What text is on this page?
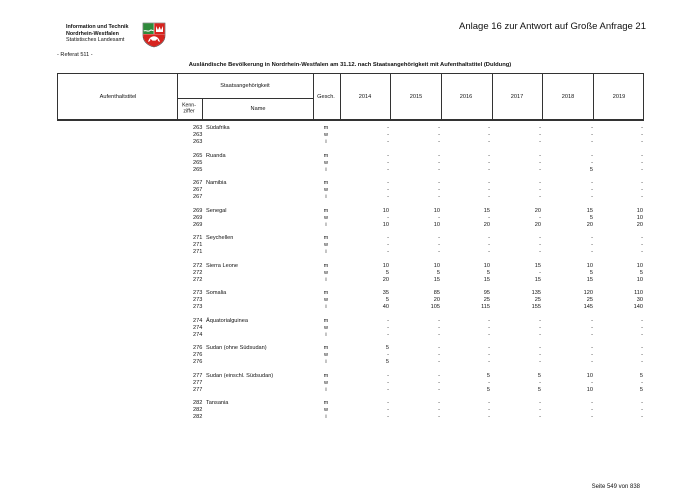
Information und Technik
Nordrhein-Westfalen
Statistisches Landesamt
Anlage 16 zur Antwort auf Große Anfrage 21
- Referat 511 -
Ausländische Bevölkerung in Nordrhein-Westfalen am 31.12. nach Staatsangehörigkeit mit Aufenthaltstitel (Duldung)
Aufenthaltstitel
Staatsangehörigkeit
Kenn-
ziffer	Name
Gesch.	2014	2015	2016	2017	2018	2019
263 Südafrika	m	-	-	-	-	-	-
263	w	-	-	-	-	-	-
263	i	-	-	-	-	-	-
265 Ruanda	m	-	-	-	-	-	-
265	w	-	-	-	-	-	-
265	i	-	-	-	-	5	-
267 Namibia	m	-	-	-	-	-	-
267	w	-	-	-	-	-	-
267	i	-	-	-	-	-	-
269 Senegal	m	10	10	15	20	15	10
269	w	-	-	-	-	5	10
269	i	10	10	20	20	20	20
271 Seychellen	m	-	-	-	-	-	-
271	w	-	-	-	-	-	-
271	i	-	-	-	-	-	-
272 Sierra Leone	m	10	10	10	15	10	10
272	w	5	5	5	-	5	5
272	i	20	15	15	15	15	10
273 Somalia	m	35	85	95	135	120	110
273	w	5	20	25	25	25	30
273	i	40	105	115	155	145	140
274 Äquatorialguinea	m	-	-	-	-	-	-
274	w	-	-	-	-	-	-
274	i	-	-	-	-	-	-
276 Sudan (ohne Südsudan)	m	5	-	-	-	-	-
276	w	-	-	-	-	-	-
276	i	5	-	-	-	-	-
277 Sudan (einschl. Südsudan)	m	-	-	5	5	10	5
277	w	-	-	-	-	-	-
277	i	-	-	5	5	10	5
282 Tansania	m	-	-	-	-	-	-
282	w	-	-	-	-	-	-
282	i	-	-	-	-	-	-
Seite 549 von 838
